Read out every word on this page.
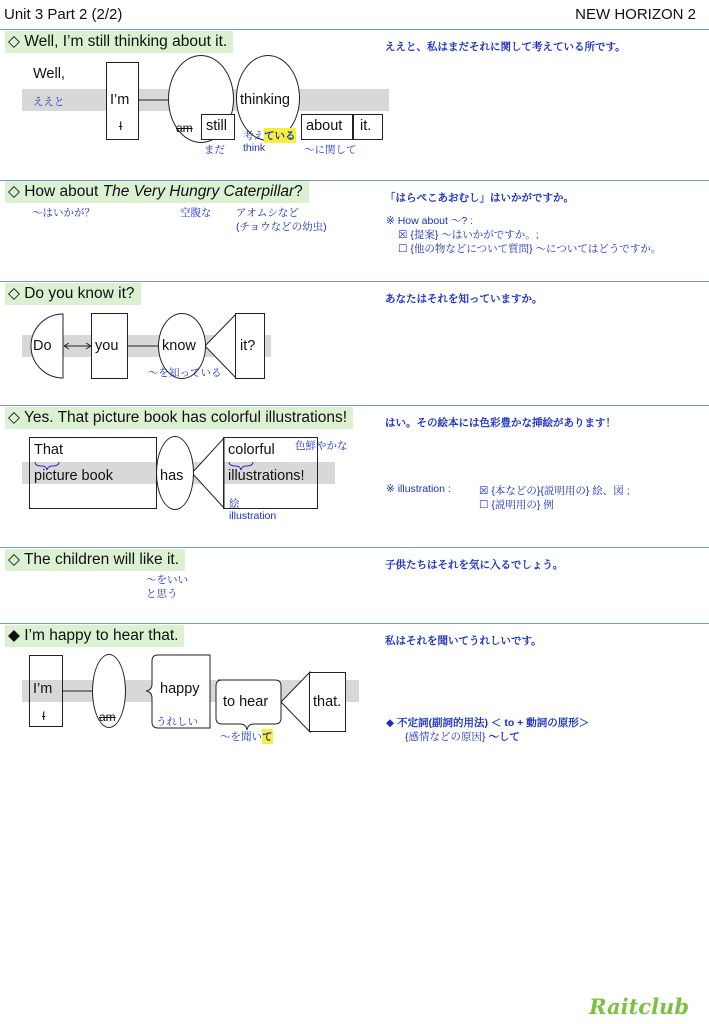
Unit 3 Part 2 (2/2)	NEW HORIZON 2
◇ Well, I’m still thinking about it.	ええと、私はまだそれに関して考えている所です。
Well,
ええと	I’m
I	am still
thinking
about it.
まだ
考え ている
think	～に関して
◇ How about The Very Hungry Caterpillar?	「はらぺこあおむし」はいかがですか。
～はいかが？	空腹な アオムシなど
(チョウなどの幼虫)	※ How about ～? :
☒ {提案} ～はいかがですか。;
☐ {他の物などについて質問} ～についてはどうですか。
◇ Do you know it?	あなたはそれを知っていますか。
Do	you	know	it?
～を知っている
◇ Yes. That picture book has colorful illustrations!	はい。その絵本には色彩豊かな挿絵があります！
That
picture book	has
colorful
illustrations!
色鮮やかな
絵
illustration
※ illustration :	☒ {本などの}{説明用の} 絵、図 ;
☐ {説明用の} 例
◇ The children will like it.	子供たちはそれを気に入るでしょう。
～をいい
と思う
◆ I’m happy to hear that.	私はそれを聞いてうれしいです。
I’m
I	am
happy
うれしい
to hear	that.
～を聞い て
◆ 不定詞(副詞的用法) ＜ to + 動詞の原形＞
{感情などの原因} ～して
Raitclub
